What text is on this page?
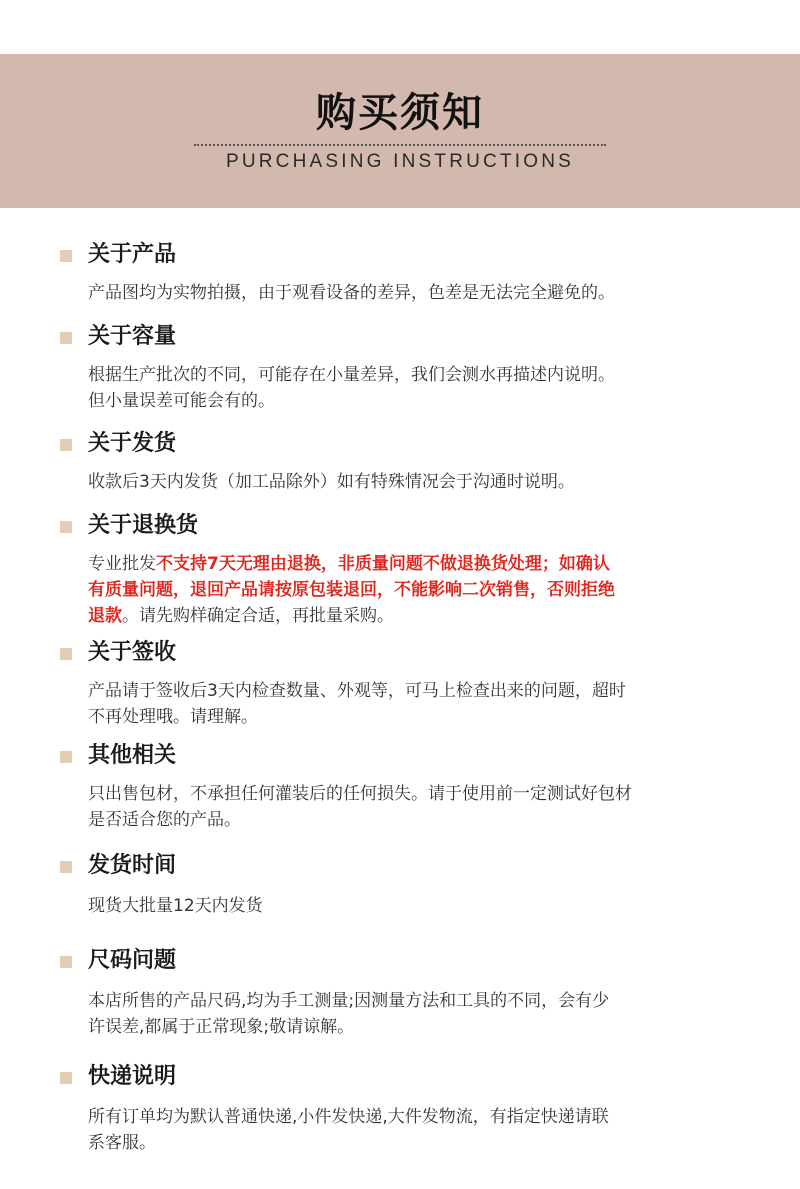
购买须知
PURCHASING INSTRUCTIONS
关于产品
产品图均为实物拍摄，由于观看设备的差异，色差是无法完全避免的。
关于容量
根据生产批次的不同，可能存在小量差异，我们会测水再描述内说明。
但小量误差可能会有的。
关于发货
收款后3天内发货（加工品除外）如有特殊情况会于沟通时说明。
关于退换货
专业批发不支持7天无理由退换，非质量问题不做退换货处理；如确认
有质量问题，退回产品请按原包装退回，不能影响二次销售，否则拒绝
退款。请先购样确定合适，再批量采购。
关于签收
产品请于签收后3天内检查数量、外观等，可马上检查出来的问题，超时
不再处理哦。请理解。
其他相关
只出售包材，不承担任何灌装后的任何损失。请于使用前一定测试好包材
是否适合您的产品。
发货时间
现货大批量12天内发货
尺码问题
本店所售的产品尺码,均为手工测量;因测量方法和工具的不同，会有少
许误差,都属于正常现象;敬请谅解。
快递说明
所有订单均为默认普通快递,小件发快递,大件发物流，有指定快递请联
系客服。
